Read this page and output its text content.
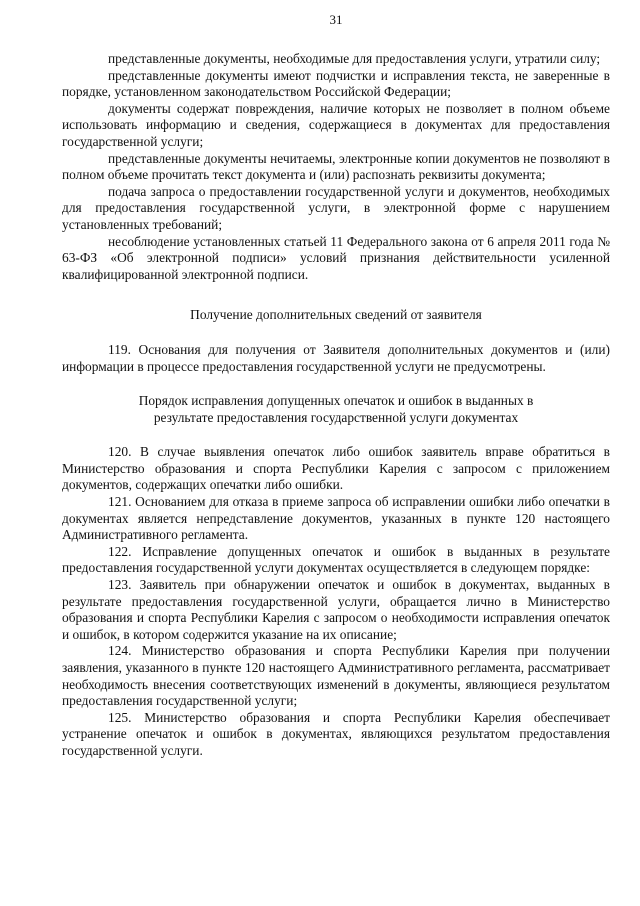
31

представленные документы, необходимые для предоставления услуги, утратили силу;

представленные документы имеют подчистки и исправления текста, не заверенные в порядке, установленном законодательством Российской Федерации;

документы содержат повреждения, наличие которых не позволяет в полном объеме использовать информацию и сведения, содержащиеся в документах для предоставления государственной услуги;

представленные документы нечитаемы, электронные копии документов не позволяют в полном объеме прочитать текст документа и (или) распознать реквизиты документа;

подача запроса о предоставлении государственной услуги и документов, необходимых для предоставления государственной услуги, в электронной форме с нарушением установленных требований;

несоблюдение установленных статьей 11 Федерального закона от 6 апреля 2011 года № 63-ФЗ «Об электронной подписи» условий признания действительности усиленной квалифицированной электронной подписи.

Получение дополнительных сведений от заявителя

119. Основания для получения от Заявителя дополнительных документов и (или) информации в процессе предоставления государственной услуги не предусмотрены.

Порядок исправления допущенных опечаток и ошибок в выданных в

результате предоставления государственной услуги документах

120. В случае выявления опечаток либо ошибок заявитель вправе обратиться в Министерство образования и спорта Республики Карелия с запросом с приложением документов, содержащих опечатки либо ошибки.

121. Основанием для отказа в приеме запроса об исправлении ошибки либо опечатки в документах является непредставление документов, указанных в пункте 120 настоящего Административного регламента.

122. Исправление допущенных опечаток и ошибок в выданных в результате предоставления государственной услуги документах осуществляется в следующем порядке:

123. Заявитель при обнаружении опечаток и ошибок в документах, выданных в результате предоставления государственной услуги, обращается лично в Министерство образования и спорта Республики Карелия с запросом о необходимости исправления опечаток и ошибок, в котором содержится указание на их описание;

124. Министерство образования и спорта Республики Карелия при получении заявления, указанного в пункте 120 настоящего Административного регламента, рассматривает необходимость внесения соответствующих изменений в документы, являющиеся результатом предоставления государственной услуги;

125. Министерство образования и спорта Республики Карелия обеспечивает устранение опечаток и ошибок в документах, являющихся результатом предоставления государственной услуги.
